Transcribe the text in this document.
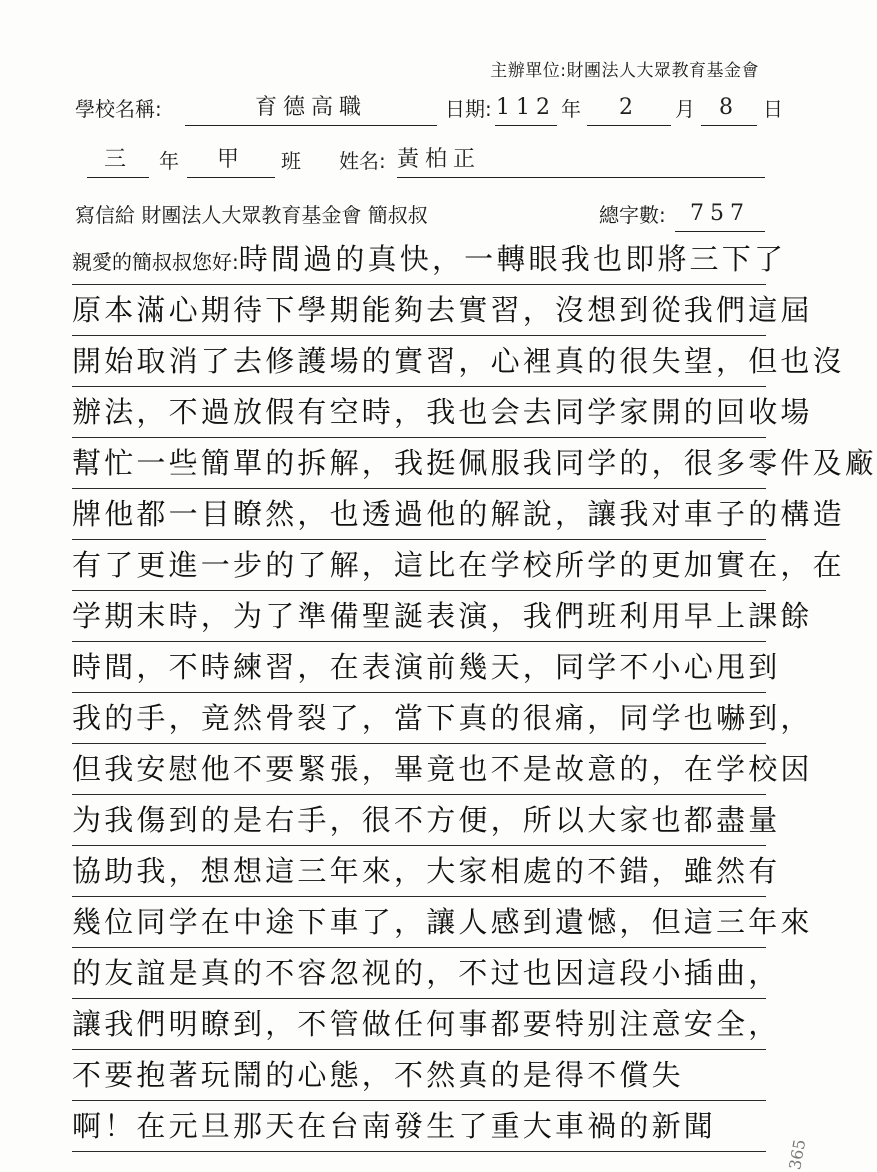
主辦單位:財團法人大眾教育基金會
學校名稱:	育德高職	日期: 112 年	2	月	8	日
三	年	甲	班 姓名: 黃柏正
寫信給 財團法人大眾教育基金會 簡叔叔	總字數:	757
親愛的簡叔叔您好:時間過的真快，一轉眼我也即將三下了
原本滿心期待下學期能夠去實習，沒想到從我們這屆
開始取消了去修護場的實習，心裡真的很失望，但也沒
辦法，不過放假有空時，我也会去同学家開的回收場
幫忙一些簡單的拆解，我挺佩服我同学的，很多零件及廠
牌他都一目瞭然，也透過他的解說，讓我对車子的構造
有了更進一步的了解，這比在学校所学的更加實在，在
学期末時，为了準備聖誕表演，我們班利用早上課餘
時間，不時練習，在表演前幾天，同学不小心甩到
我的手，竟然骨裂了，當下真的很痛，同学也嚇到，
但我安慰他不要緊張，畢竟也不是故意的，在学校因
为我傷到的是右手，很不方便，所以大家也都盡量
協助我，想想這三年來，大家相處的不錯，雖然有
幾位同学在中途下車了，讓人感到遺憾，但這三年來
的友誼是真的不容忽视的，不过也因這段小插曲，
讓我們明瞭到，不管做任何事都要特别注意安全，
不要抱著玩鬧的心態，不然真的是得不償失
啊！在元旦那天在台南發生了重大車禍的新聞
365
